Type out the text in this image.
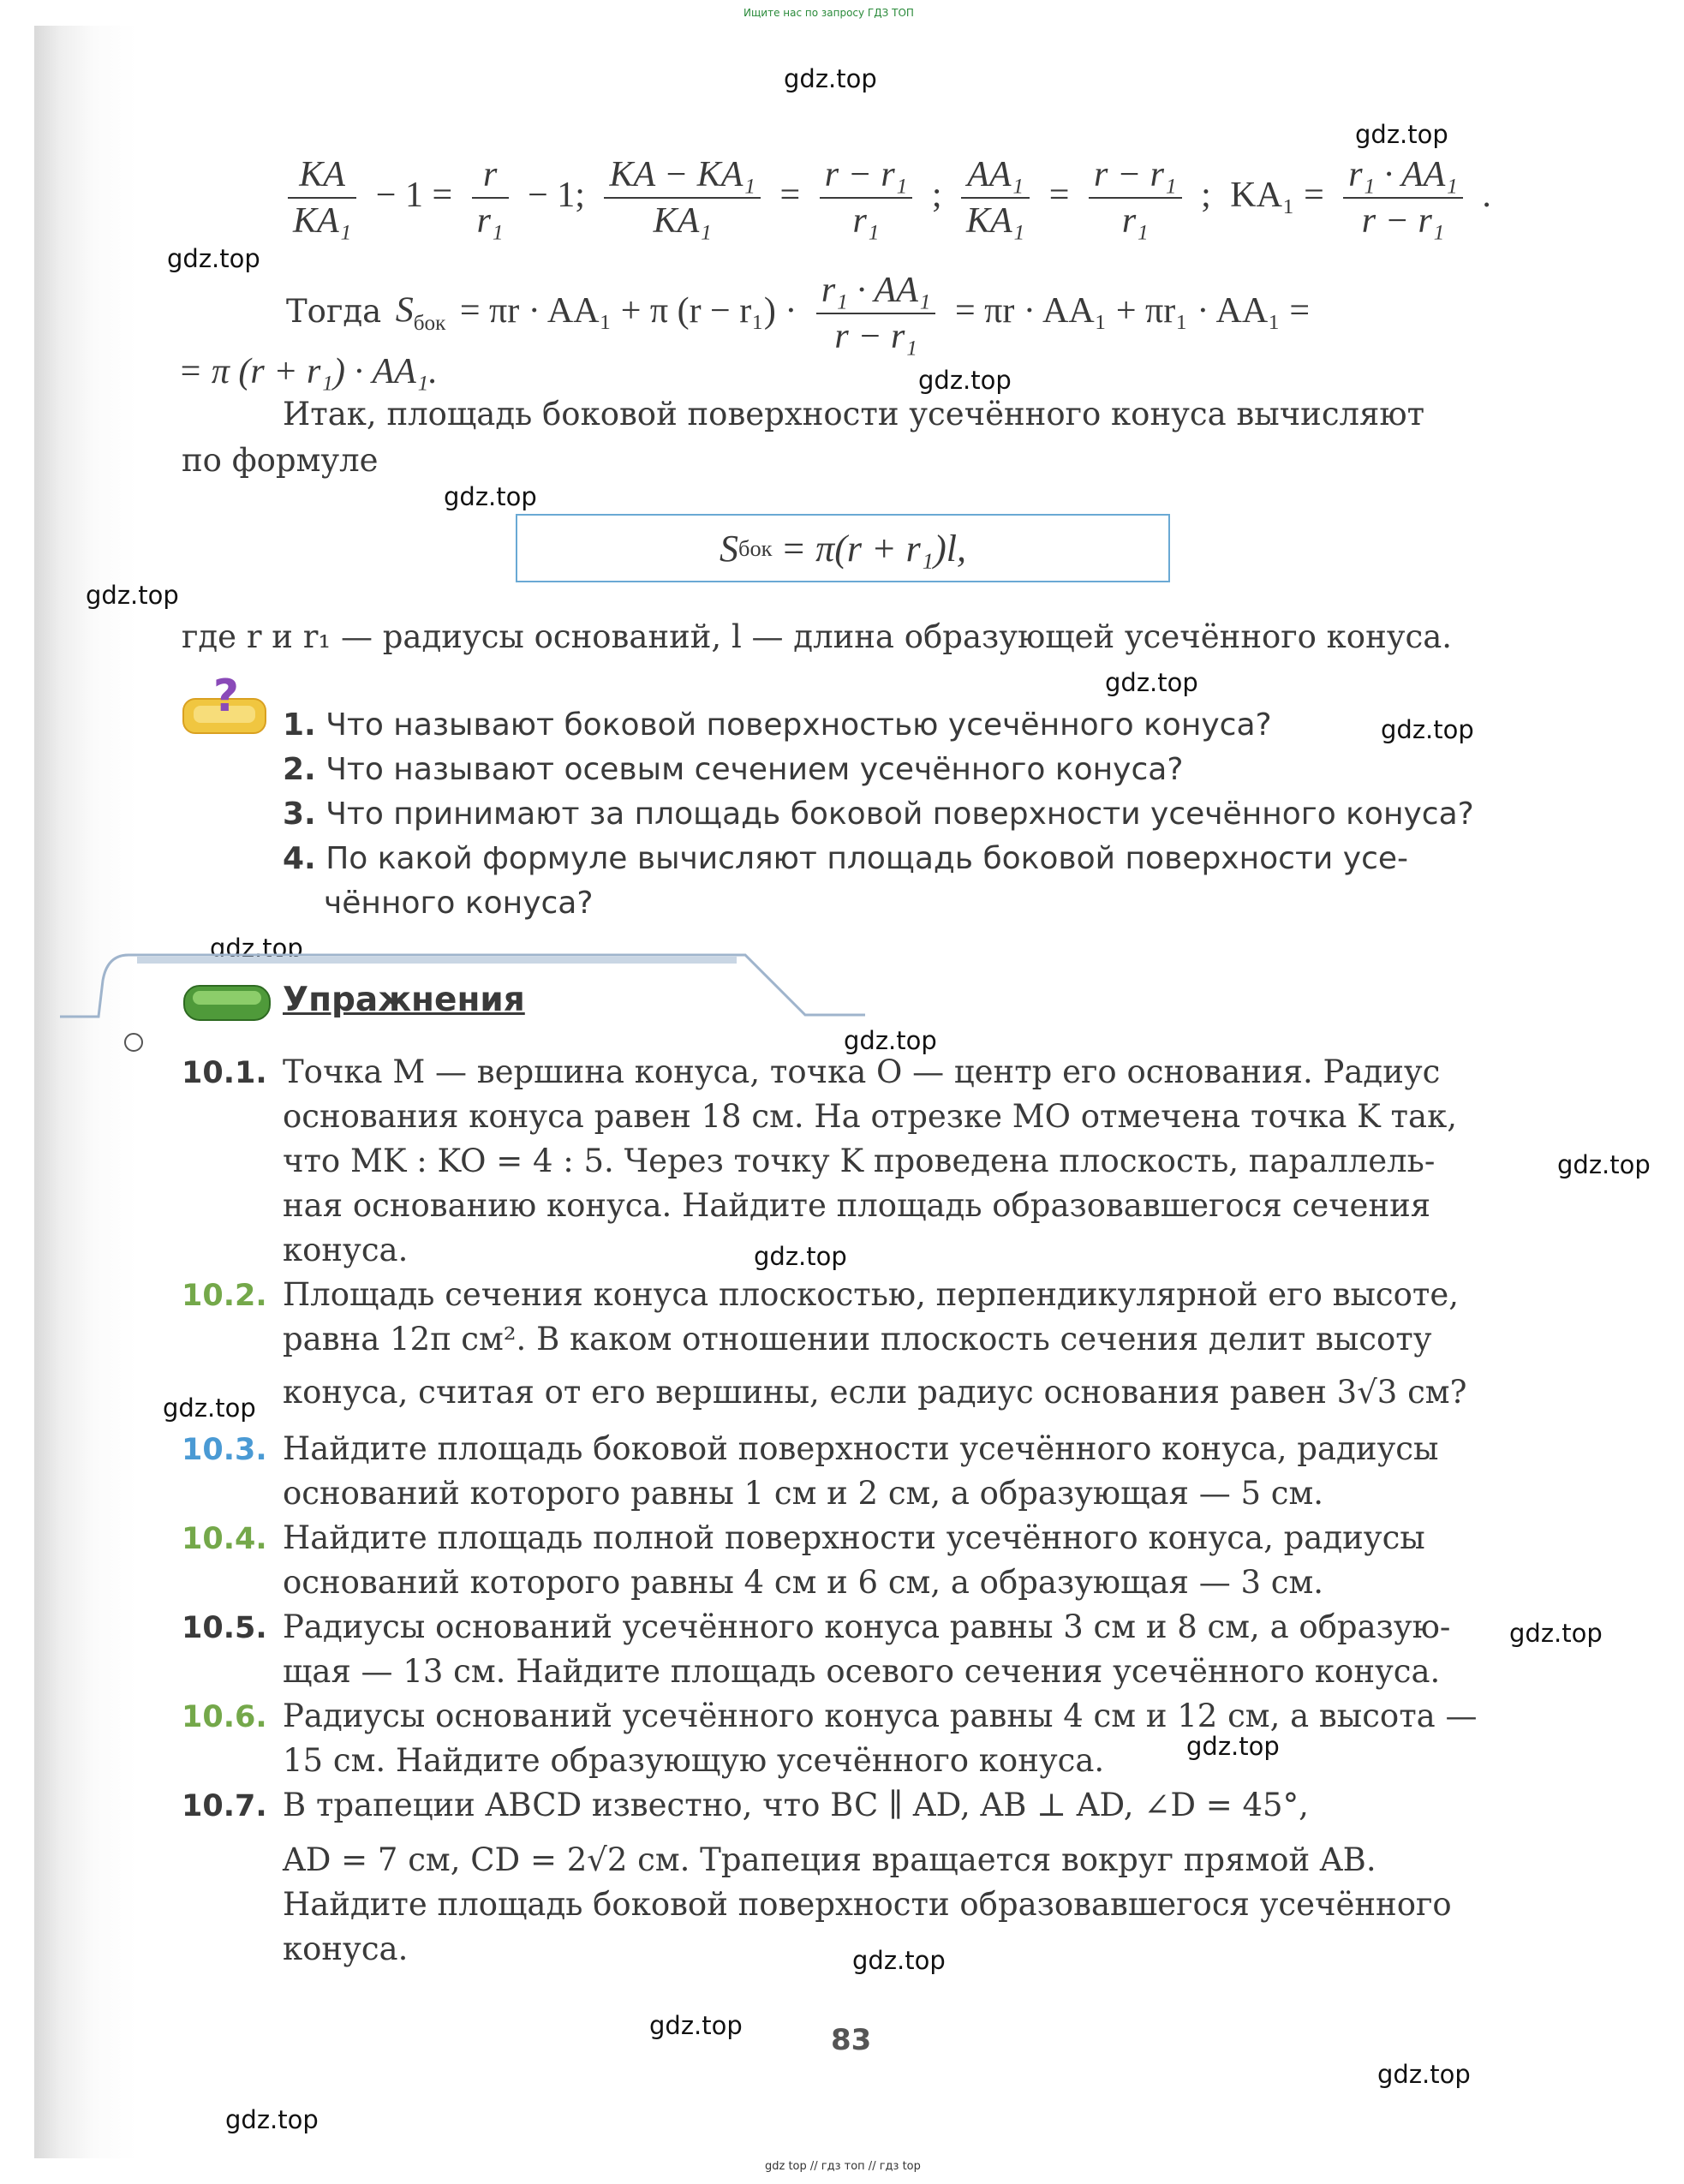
Ищите нас по запросу ГДЗ ТОП
gdz.top
gdz.top
gdz.top
gdz.top
gdz.top
gdz.top
gdz.top
gdz.top
gdz.top
gdz.top
gdz.top
gdz.top
gdz.top
gdz.top
gdz.top
gdz.top
gdz.top
gdz.top
gdz.top
$\frac{KA}{\text{KA₁}} - 1 = \frac{r}{\text{r₁}} - 1$; $\frac{\text{KA − KA₁}}{\text{KA₁}} = \frac{\text{r − r₁}}{\text{r₁}}$ ; $\frac{\text{AA₁}}{\text{KA₁}} = \frac{\text{r − r₁}}{\text{r₁}}$ ; $KA_1 = \frac{\text{r₁ · AA₁}}{\text{r − r₁}}$ .
Тогда $S_{бок} = \pi r \cdot AA_1 + \pi$ $(r - r_1) \cdot \frac{\text{r₁ · AA₁}}{\text{r − r₁}} = \pi r \cdot AA_1 + \pi r_1 \cdot AA_1$ =
= π (r + r₁) · AA₁.
Итак, площадь боковой поверхности усечённого конуса вычисляют
по формуле
S бок = π(r + r₁)l,
где r и r₁ — радиусы оснований, l — длина образующей усечённого конуса.
?
1. Что называют боковой поверхностью усечённого конуса?
2. Что называют осевым сечением усечённого конуса?
3. Что принимают за площадь боковой поверхности усечённого конуса?
4. По какой формуле вычисляют площадь боковой поверхности усе-
чённого конуса?
Упражнения
10.1. Точка M — вершина конуса, точка O — центр его основания. Радиус
основания конуса равен 18 см. На отрезке MO отмечена точка K так,
что MK : KO = 4 : 5. Через точку K проведена плоскость, параллель-
ная основанию конуса. Найдите площадь образовавшегося сечения
конуса.
10.2. Площадь сечения конуса плоскостью, перпендикулярной его высоте,
равна 12π см². В каком отношении плоскость сечения делит высоту
конуса, считая от его вершины, если радиус основания равен 3√3 см?
10.3. Найдите площадь боковой поверхности усечённого конуса, радиусы
оснований которого равны 1 см и 2 см, а образующая — 5 см.
10.4. Найдите площадь полной поверхности усечённого конуса, радиусы
оснований которого равны 4 см и 6 см, а образующая — 3 см.
10.5. Радиусы оснований усечённого конуса равны 3 см и 8 см, а образую-
щая — 13 см. Найдите площадь осевого сечения усечённого конуса.
10.6. Радиусы оснований усечённого конуса равны 4 см и 12 см, а высота —
15 см. Найдите образующую усечённого конуса.
10.7. В трапеции ABCD известно, что BC ∥ AD, AB ⊥ AD, ∠D = 45°,
AD = 7 см, CD = 2√2 см. Трапеция вращается вокруг прямой AB.
Найдите площадь боковой поверхности образовавшегося усечённого
конуса.
83
gdz top // гдз топ // гдз top
